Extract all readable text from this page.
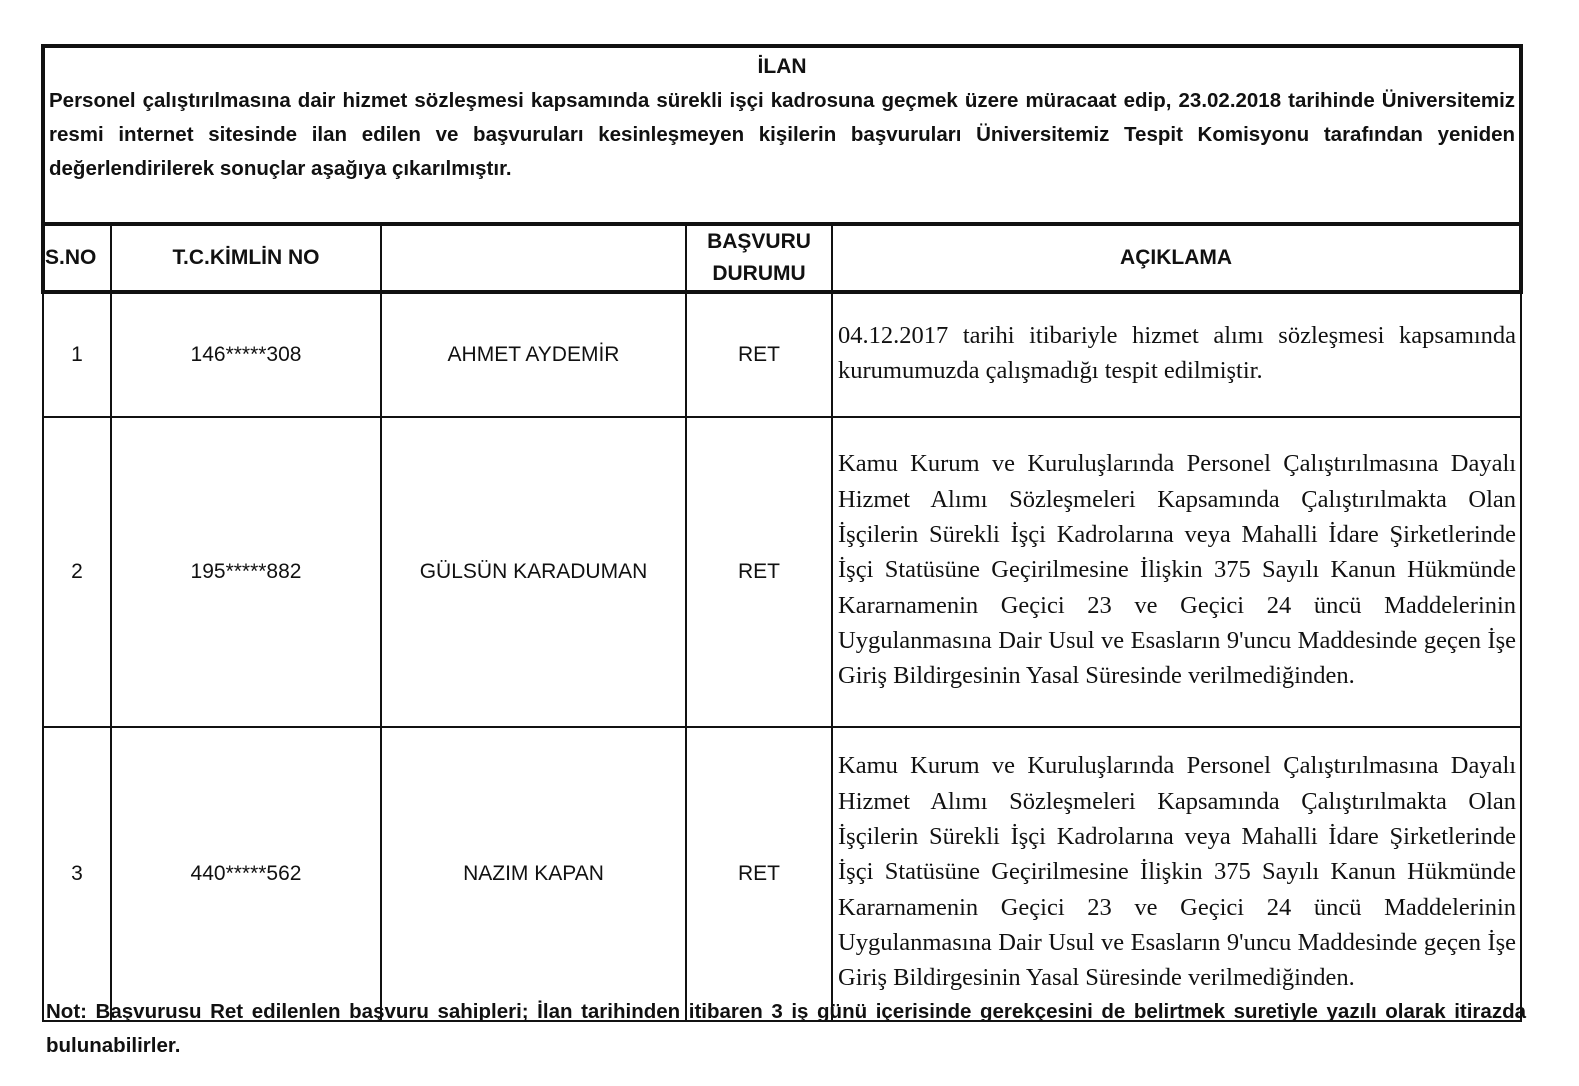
İLAN
Personel çalıştırılmasına dair hizmet sözleşmesi kapsamında sürekli işçi kadrosuna geçmek üzere müracaat edip, 23.02.2018 tarihinde Üniversitemiz resmi internet sitesinde ilan edilen ve başvuruları kesinleşmeyen kişilerin başvuruları Üniversitemiz Tespit Komisyonu tarafından yeniden değerlendirilerek sonuçlar aşağıya çıkarılmıştır.				

S.NO	T.C.KİMLİN NO		BAŞVURU DURUMU	AÇIKLAMA
1	146*****308	AHMET AYDEMİR	RET	04.12.2017 tarihi itibariyle hizmet alımı sözleşmesi kapsamında kurumumuzda çalışmadığı tespit edilmiştir.
2	195*****882	GÜLSÜN KARADUMAN	RET	Kamu Kurum ve Kuruluşlarında Personel Çalıştırılmasına Dayalı Hizmet Alımı Sözleşmeleri Kapsamında Çalıştırılmakta Olan İşçilerin Sürekli İşçi Kadrolarına veya Mahalli İdare Şirketlerinde İşçi Statüsüne Geçirilmesine İlişkin 375 Sayılı Kanun Hükmünde Kararnamenin Geçici 23 ve Geçici 24 üncü Maddelerinin Uygulanmasına Dair Usul ve Esasların 9'uncu Maddesinde geçen İşe Giriş Bildirgesinin Yasal Süresinde verilmediğinden.
3	440*****562	NAZIM KAPAN	RET	Kamu Kurum ve Kuruluşlarında Personel Çalıştırılmasına Dayalı Hizmet Alımı Sözleşmeleri Kapsamında Çalıştırılmakta Olan İşçilerin Sürekli İşçi Kadrolarına veya Mahalli İdare Şirketlerinde İşçi Statüsüne Geçirilmesine İlişkin 375 Sayılı Kanun Hükmünde Kararnamenin Geçici 23 ve Geçici 24 üncü Maddelerinin Uygulanmasına Dair Usul ve Esasların 9'uncu Maddesinde geçen İşe Giriş Bildirgesinin Yasal Süresinde verilmediğinden.
Not: Başvurusu Ret edilenlen başvuru sahipleri; İlan tarihinden itibaren 3 iş günü içerisinde gerekçesini de belirtmek suretiyle yazılı olarak itirazda bulunabilirler.
